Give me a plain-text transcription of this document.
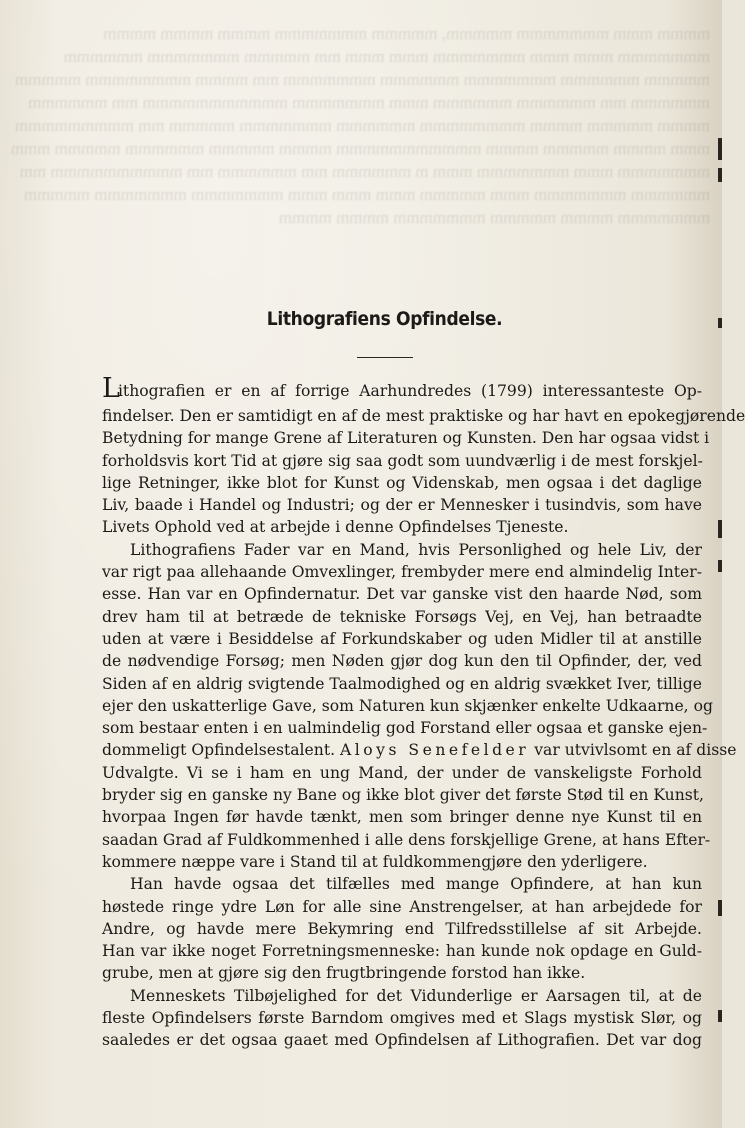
mmmm mmm mmmmmmm mmmmm, mmmmm mmmmmmm mmmm mmmm mmmm
mmmmmmm mmm mmm mmmmmmm mmm mmm mm mmmmm mmmmmmm mmmmmm
mmmmm mmmmmm mmmmmmm mmmmmm mmmmmmm mm mmmm mmmmmmmm mmmmm
mmmmmm mm mmmmmm mmmmmm mmm mmmmmmm mmmmmmmmmmm mm mmmmmm
mmmm mmmmm mmmm mmmmmmmm mmmmmm mmmmmmm mmmmm mm mmmmmmmmm
mmm mmmm mmmmm mmmm mmmmmmmmmmm mmmm mmmmm mmmmmm mmmmm mmm
mmmmmmm mmm mmmmmmm mmm m mmmmmm mm mmmmmm mm mmmmmmmmmm mm
mmmmmm mmmmmmm mmm mmmmm mmm mmm mmm mmmmmmm mmmmmmm mmmmm
mmmmmmm mmmm mmmmm mmmmmmm mmmm mmmm
Lithografiens Opfindelse.
Lithografien er en af forrige Aarhundredes (1799) interessanteste Op-
findelser. Den er samtidigt en af de mest praktiske og har havt en epokegjørende
Betydning for mange Grene af Literaturen og Kunsten. Den har ogsaa vidst i
forholdsvis kort Tid at gjøre sig saa godt som uundværlig i de mest forskjel-
lige Retninger, ikke blot for Kunst og Videnskab, men ogsaa i det daglige
Liv, baade i Handel og Industri; og der er Mennesker i tusindvis, som have
Livets Ophold ved at arbejde i denne Opfindelses Tjeneste.
Lithografiens Fader var en Mand, hvis Personlighed og hele Liv, der
var rigt paa allehaande Omvexlinger, frembyder mere end almindelig Inter-
esse. Han var en Opfindernatur. Det var ganske vist den haarde Nød, som
drev ham til at betræde de tekniske Forsøgs Vej, en Vej, han betraadte
uden at være i Besiddelse af Forkundskaber og uden Midler til at anstille
de nødvendige Forsøg; men Nøden gjør dog kun den til Opfinder, der, ved
Siden af en aldrig svigtende Taalmodighed og en aldrig svækket Iver, tillige
ejer den uskatterlige Gave, som Naturen kun skjænker enkelte Udkaarne, og
som bestaar enten i en ualmindelig god Forstand eller ogsaa et ganske ejen-
dommeligt Opfindelsestalent. Aloys Senefelder var utvivlsomt en af disse
Udvalgte. Vi se i ham en ung Mand, der under de vanskeligste Forhold
bryder sig en ganske ny Bane og ikke blot giver det første Stød til en Kunst,
hvorpaa Ingen før havde tænkt, men som bringer denne nye Kunst til en
saadan Grad af Fuldkommenhed i alle dens forskjellige Grene, at hans Efter-
kommere næppe vare i Stand til at fuldkommengjøre den yderligere.
Han havde ogsaa det tilfælles med mange Opfindere, at han kun
høstede ringe ydre Løn for alle sine Anstrengelser, at han arbejdede for
Andre, og havde mere Bekymring end Tilfredsstillelse af sit Arbejde.
Han var ikke noget Forretningsmenneske: han kunde nok opdage en Guld-
grube, men at gjøre sig den frugtbringende forstod han ikke.
Menneskets Tilbøjelighed for det Vidunderlige er Aarsagen til, at de
fleste Opfindelsers første Barndom omgives med et Slags mystisk Slør, og
saaledes er det ogsaa gaaet med Opfindelsen af Lithografien. Det var dog
